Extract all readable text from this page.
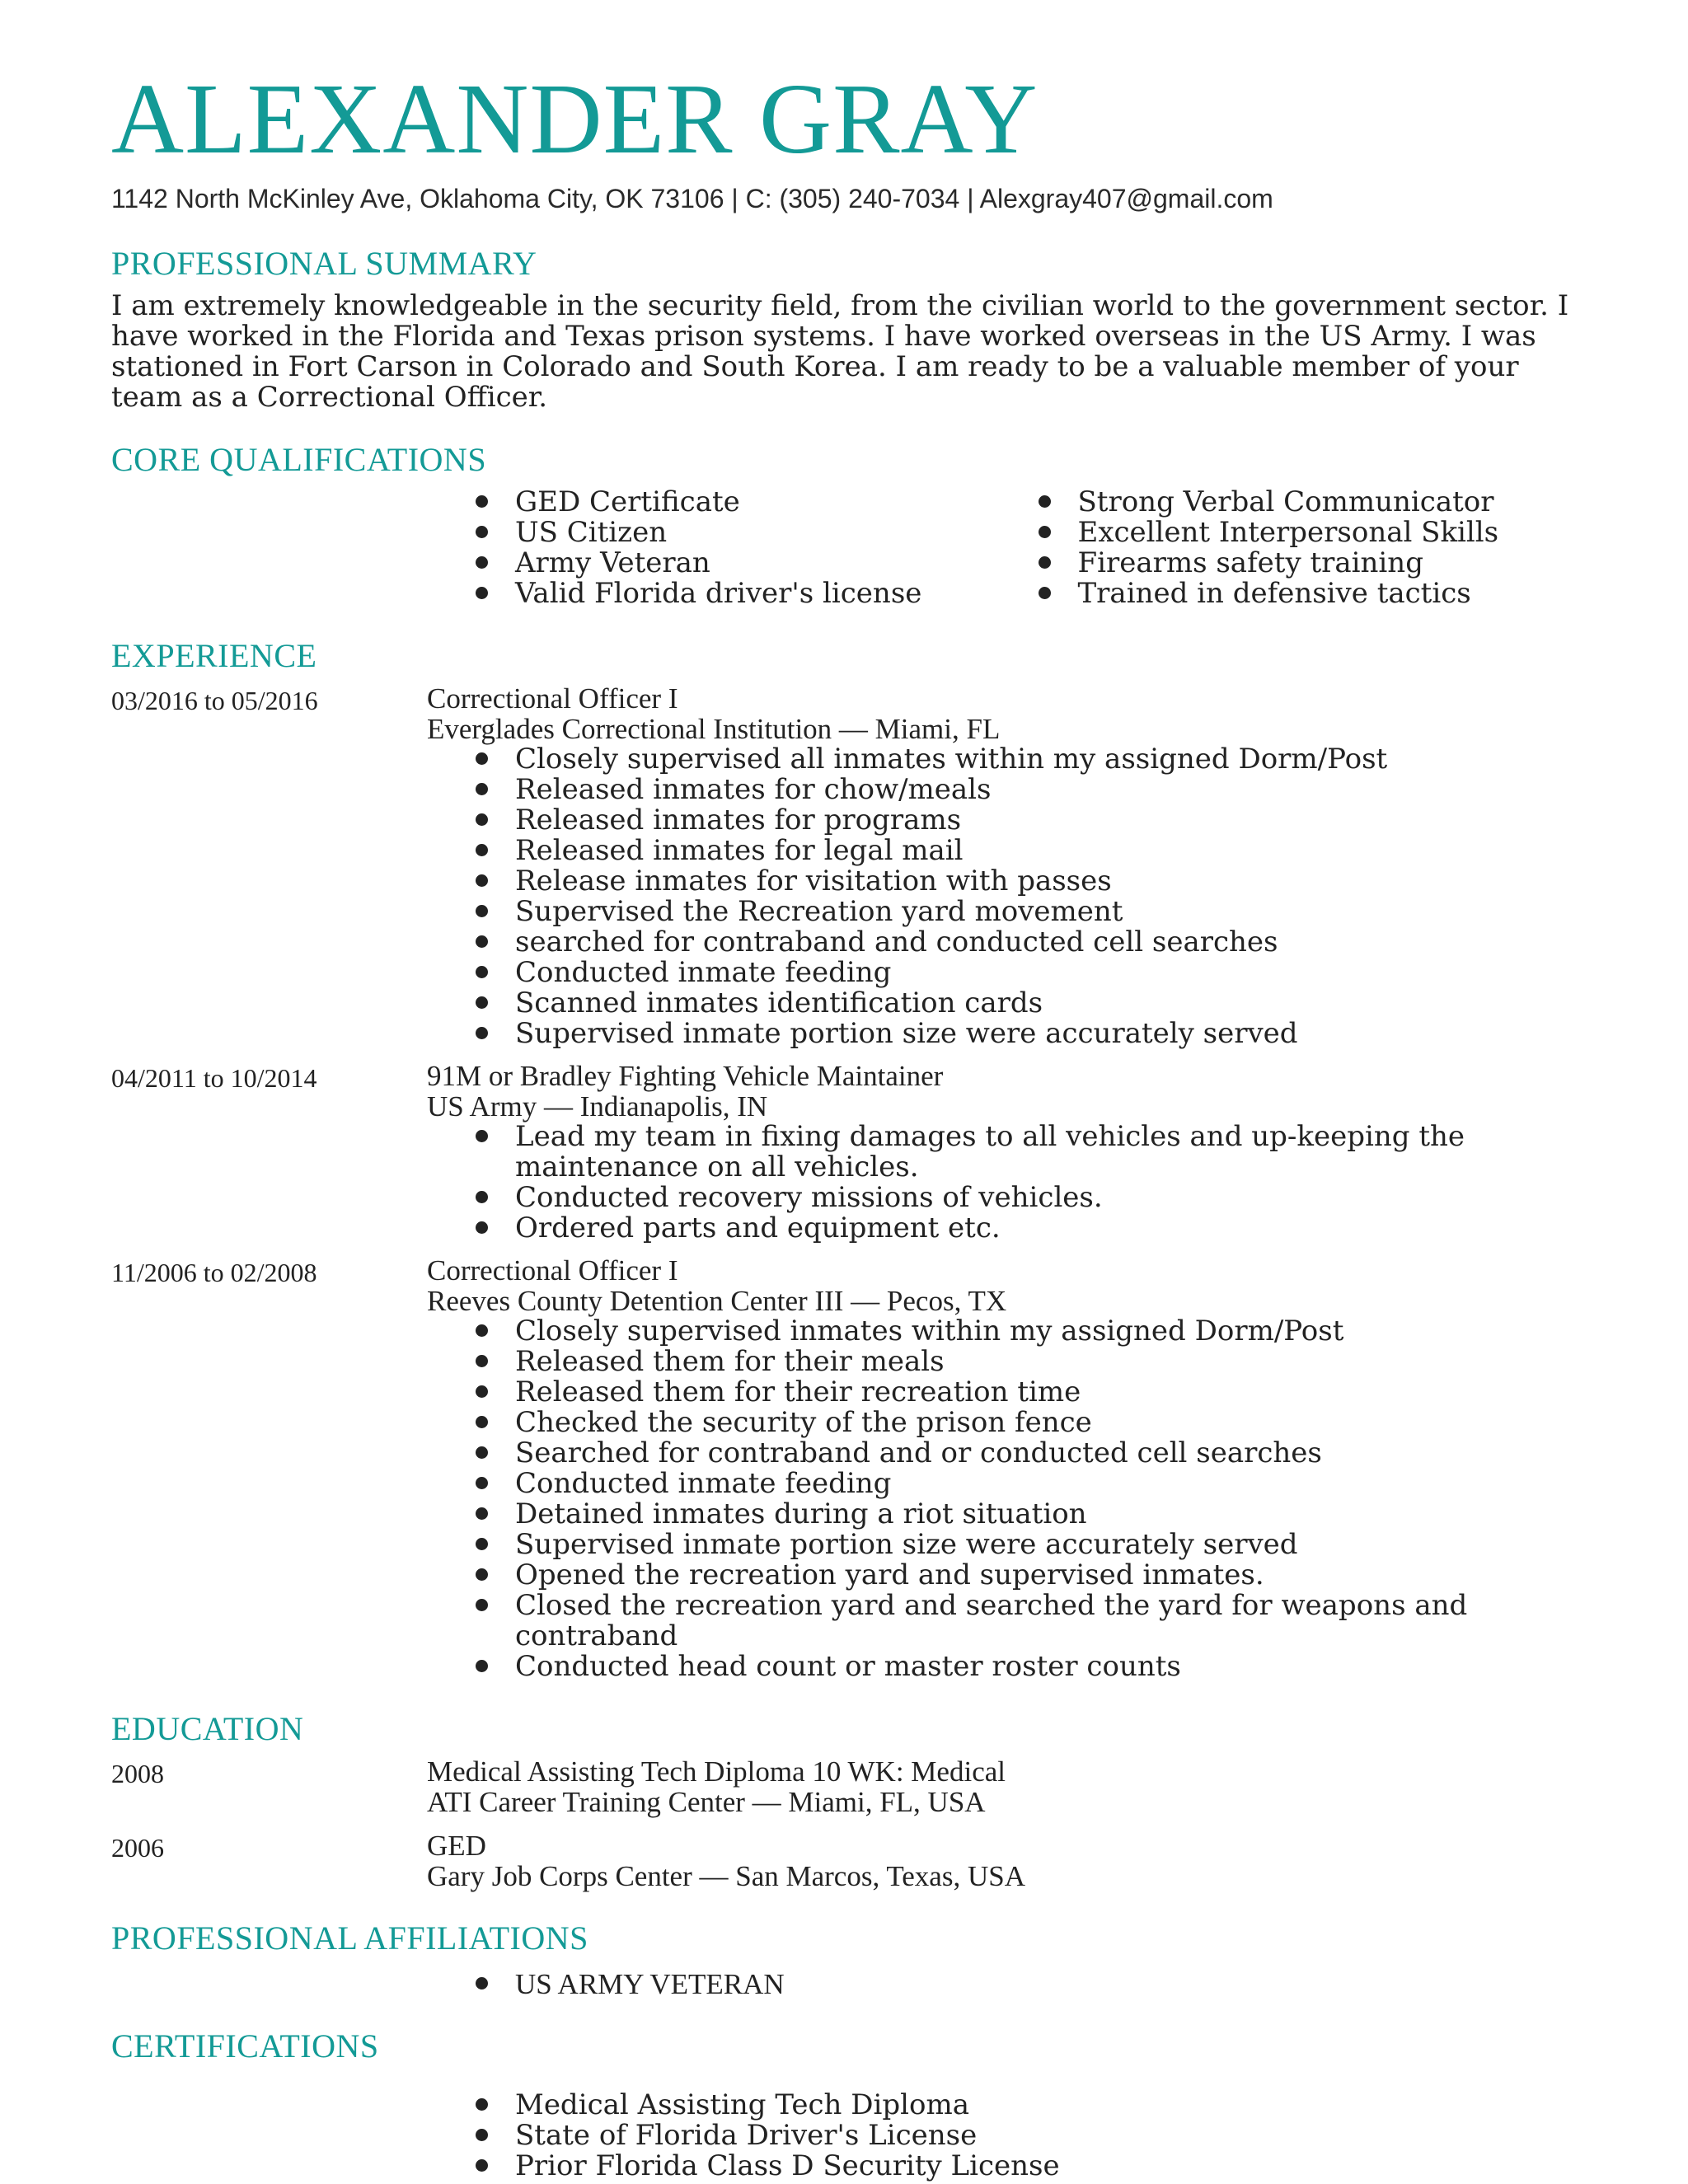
ALEXANDER GRAY
1142 North McKinley Ave, Oklahoma City, OK 73106 | C: (305) 240-7034 | Alexgray407@gmail.com
PROFESSIONAL SUMMARY
I am extremely knowledgeable in the security field, from the civilian world to the government sector. I have worked in the Florida and Texas prison systems. I have worked overseas in the US Army. I was stationed in Fort Carson in Colorado and South Korea. I am ready to be a valuable member of your team as a Correctional Officer.
CORE QUALIFICATIONS
GED Certificate
US Citizen
Army Veteran
Valid Florida driver's license
Strong Verbal Communicator
Excellent Interpersonal Skills
Firearms safety training
Trained in defensive tactics
EXPERIENCE
03/2016 to 05/2016	Correctional Officer I
Everglades Correctional Institution — Miami, FL
Closely supervised all inmates within my assigned Dorm/Post
Released inmates for chow/meals
Released inmates for programs
Released inmates for legal mail
Release inmates for visitation with passes
Supervised the Recreation yard movement
searched for contraband and conducted cell searches
Conducted inmate feeding
Scanned inmates identification cards
Supervised inmate portion size were accurately served
04/2011 to 10/2014	91M or Bradley Fighting Vehicle Maintainer
US Army — Indianapolis, IN
Lead my team in fixing damages to all vehicles and up-keeping the maintenance on all vehicles.
Conducted recovery missions of vehicles.
Ordered parts and equipment etc.
11/2006 to 02/2008	Correctional Officer I
Reeves County Detention Center III — Pecos, TX
Closely supervised inmates within my assigned Dorm/Post
Released them for their meals
Released them for their recreation time
Checked the security of the prison fence
Searched for contraband and or conducted cell searches
Conducted inmate feeding
Detained inmates during a riot situation
Supervised inmate portion size were accurately served
Opened the recreation yard and supervised inmates.
Closed the recreation yard and searched the yard for weapons and contraband
Conducted head count or master roster counts
EDUCATION
2008	Medical Assisting Tech Diploma 10 WK: Medical
ATI Career Training Center — Miami, FL, USA
2006	GED
Gary Job Corps Center — San Marcos, Texas, USA
PROFESSIONAL AFFILIATIONS
US ARMY VETERAN
CERTIFICATIONS
Medical Assisting Tech Diploma
State of Florida Driver's License
Prior Florida Class D Security License
